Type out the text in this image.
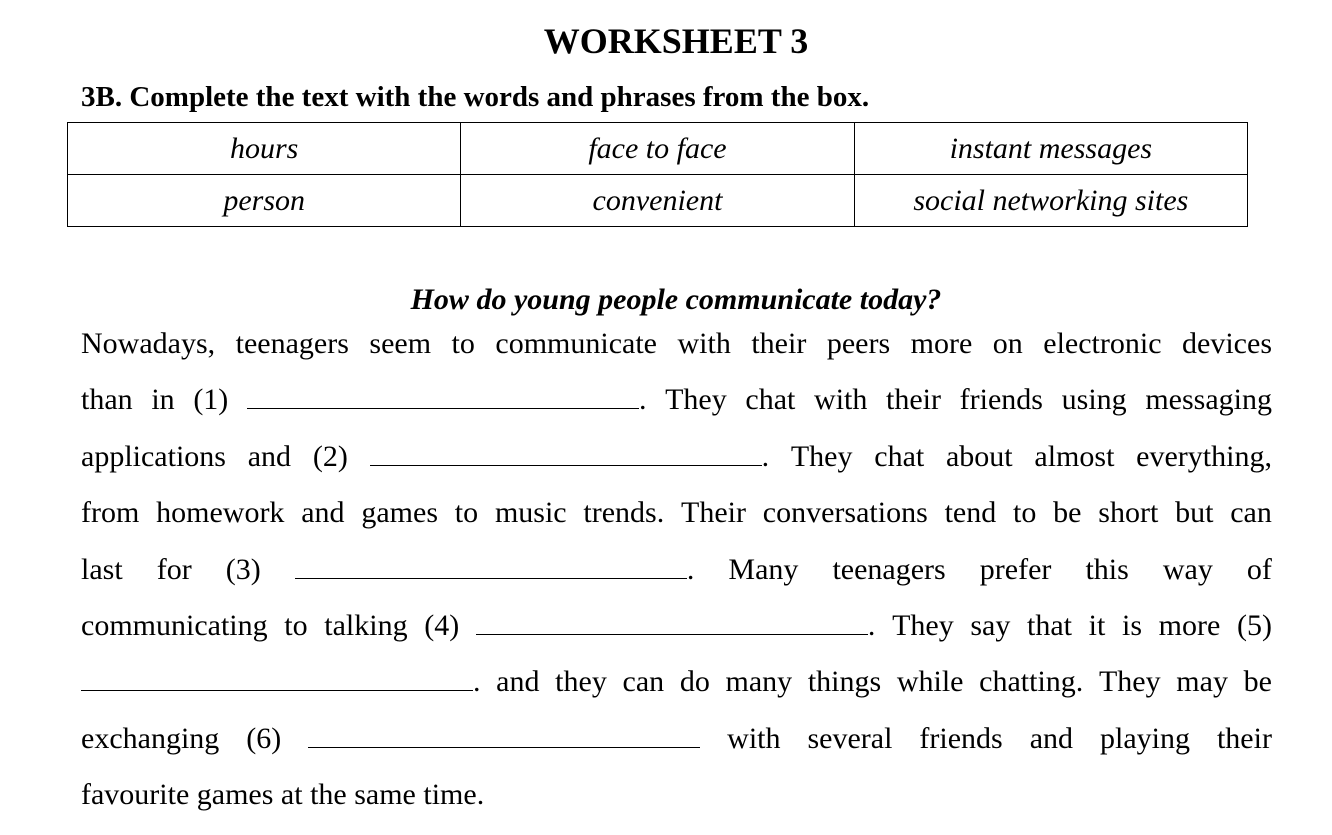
WORKSHEET 3
3B. Complete the text with the words and phrases from the box.
hours	face to face	instant messages
person	convenient	social networking sites
How do young people communicate today?
Nowadays, teenagers seem to communicate with their peers more on electronic devices
than in (1)	. They chat with their friends using messaging
applications and (2)	. They chat about almost everything,
from homework and games to music trends. Their conversations tend to be short but can
last for (3)	. Many teenagers prefer this way of
communicating to talking (4)	. They say that it is more (5)
. and they can do many things while chatting. They may be
exchanging (6)	with several friends and playing their
favourite
games
at
the
same
time.
